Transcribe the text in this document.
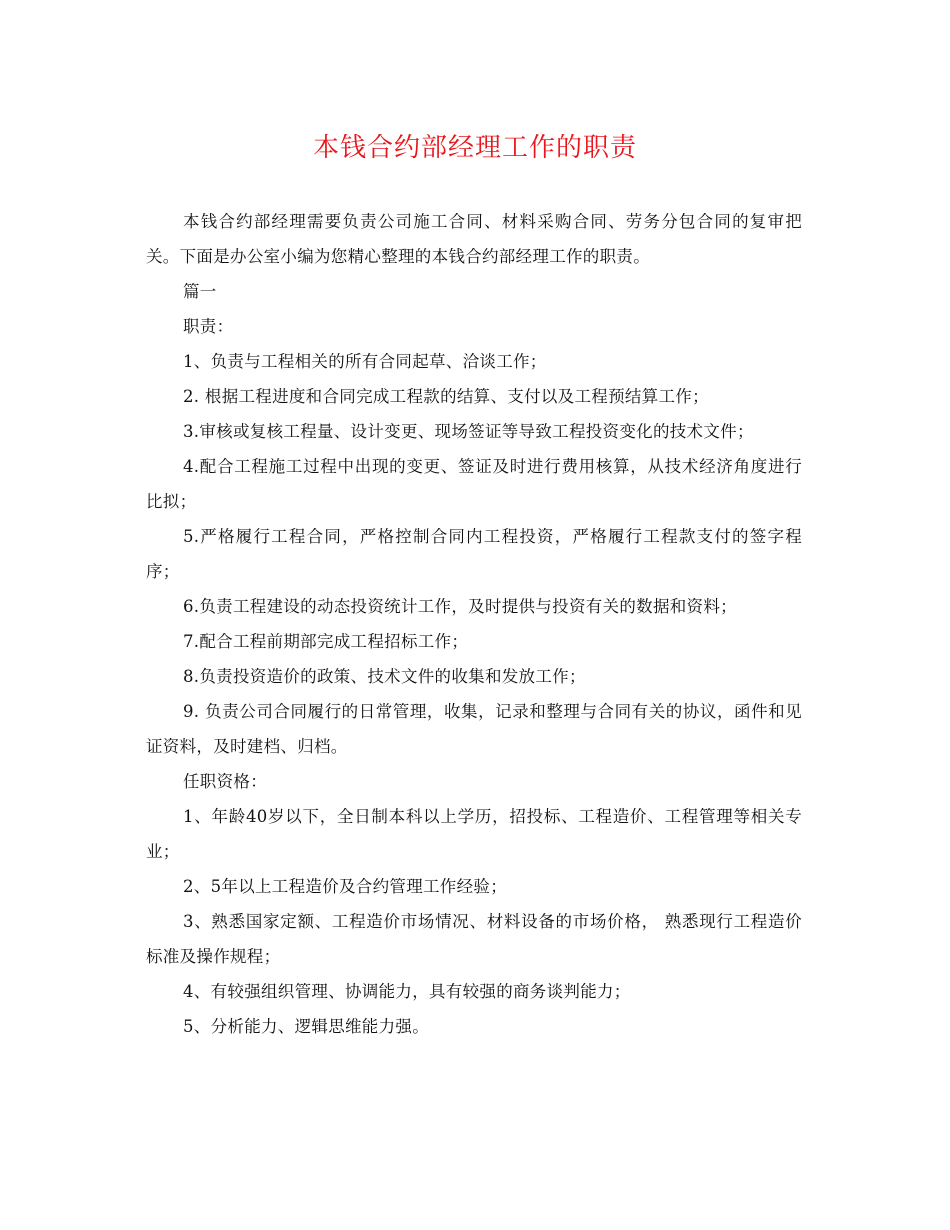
本钱合约部经理工作的职责

本钱合约部经理需要负责公司施工合同、材料采购合同、劳务分包合同的复审把关。下面是办公室小编为您精心整理的本钱合约部经理工作的职责。

篇一

职责：

1、负责与工程相关的所有合同起草、洽谈工作；

2. 根据工程进度和合同完成工程款的结算、支付以及工程预结算工作；

3.审核或复核工程量、设计变更、现场签证等导致工程投资变化的技术文件；

4.配合工程施工过程中出现的变更、签证及时进行费用核算，从技术经济角度进行比拟；

5.严格履行工程合同，严格控制合同内工程投资，严格履行工程款支付的签字程序；

6.负责工程建设的动态投资统计工作，及时提供与投资有关的数据和资料；

7.配合工程前期部完成工程招标工作；

8.负责投资造价的政策、技术文件的收集和发放工作；

9. 负责公司合同履行的日常管理，收集，记录和整理与合同有关的协议，函件和见证资料，及时建档、归档。

任职资格：

1、年龄40岁以下，全日制本科以上学历，招投标、工程造价、工程管理等相关专业；

2、5年以上工程造价及合约管理工作经验；

3、熟悉国家定额、工程造价市场情况、材料设备的市场价格， 熟悉现行工程造价标准及操作规程；

4、有较强组织管理、协调能力，具有较强的商务谈判能力；

5、分析能力、逻辑思维能力强。
